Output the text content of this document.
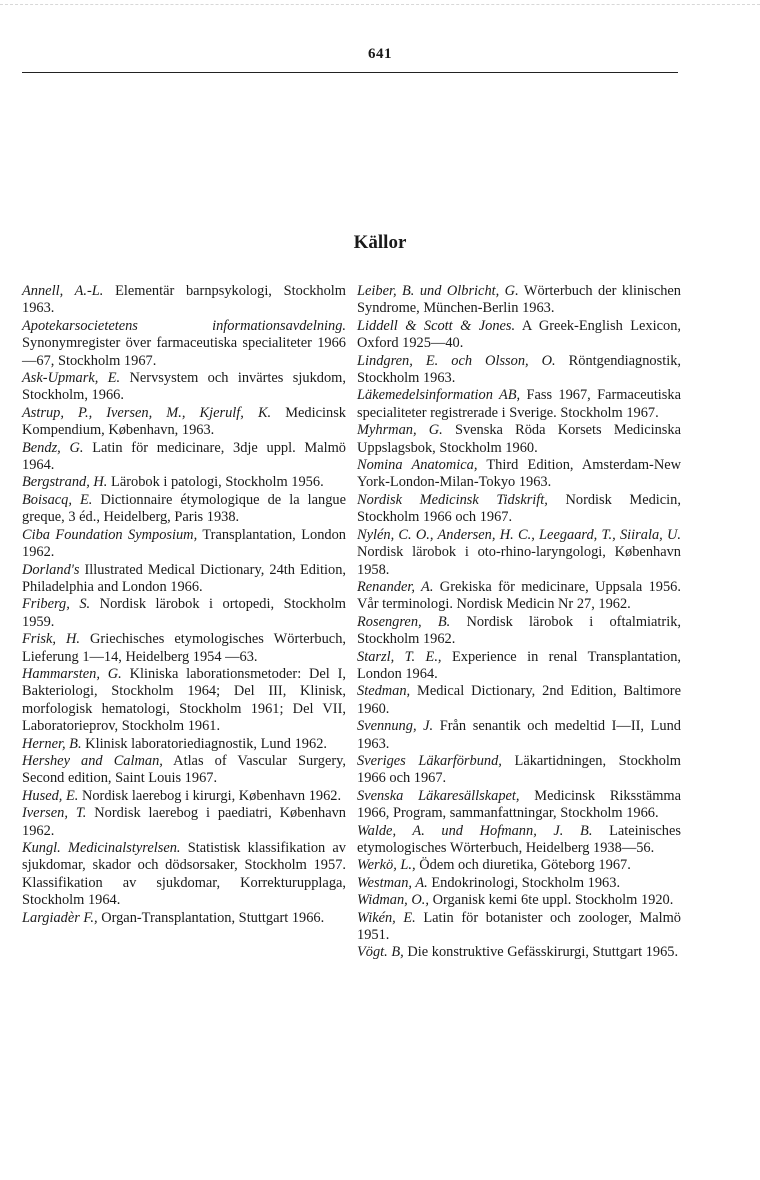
641
Källor
Annell, A.-L. Elementär barnpsykologi, Stockholm 1963.
Apotekarsocietetens informationsavdelning. Synonymregister över farmaceutiska specialiteter 1966—67, Stockholm 1967.
Ask-Upmark, E. Nervsystem och invärtes sjukdom, Stockholm, 1966.
Astrup, P., Iversen, M., Kjerulf, K. Medicinsk Kompendium, København, 1963.
Bendz, G. Latin för medicinare, 3dje uppl. Malmö 1964.
Bergstrand, H. Lärobok i patologi, Stockholm 1956.
Boisacq, E. Dictionnaire étymologique de la langue greque, 3 éd., Heidelberg, Paris 1938.
Ciba Foundation Symposium, Transplantation, London 1962.
Dorland's Illustrated Medical Dictionary, 24th Edition, Philadelphia and London 1966.
Friberg, S. Nordisk lärobok i ortopedi, Stockholm 1959.
Frisk, H. Griechisches etymologisches Wörterbuch, Lieferung 1—14, Heidelberg 1954 —63.
Hammarsten, G. Kliniska laborationsmetoder: Del I, Bakteriologi, Stockholm 1964; Del III, Klinisk, morfologisk hematologi, Stockholm 1961; Del VII, Laboratorieprov, Stockholm 1961.
Herner, B. Klinisk laboratoriediagnostik, Lund 1962.
Hershey and Calman, Atlas of Vascular Surgery, Second edition, Saint Louis 1967.
Hused, E. Nordisk laerebog i kirurgi, København 1962.
Iversen, T. Nordisk laerebog i paediatri, København 1962.
Kungl. Medicinalstyrelsen. Statistisk klassifikation av sjukdomar, skador och dödsorsaker, Stockholm 1957. Klassifikation av sjukdomar, Korrekturupplaga, Stockholm 1964.
Largiadèr F., Organ-Transplantation, Stuttgart 1966.
Leiber, B. und Olbricht, G. Wörterbuch der klinischen Syndrome, München-Berlin 1963.
Liddell & Scott & Jones. A Greek-English Lexicon, Oxford 1925—40.
Lindgren, E. och Olsson, O. Röntgendiagnostik, Stockholm 1963.
Läkemedelsinformation AB, Fass 1967, Farmaceutiska specialiteter registrerade i Sverige. Stockholm 1967.
Myhrman, G. Svenska Röda Korsets Medicinska Uppslagsbok, Stockholm 1960.
Nomina Anatomica, Third Edition, Amsterdam-New York-London-Milan-Tokyo 1963.
Nordisk Medicinsk Tidskrift, Nordisk Medicin, Stockholm 1966 och 1967.
Nylén, C. O., Andersen, H. C., Leegaard, T., Siirala, U. Nordisk lärobok i oto-rhino-laryngologi, København 1958.
Renander, A. Grekiska för medicinare, Uppsala 1956. Vår terminologi. Nordisk Medicin Nr 27, 1962.
Rosengren, B. Nordisk lärobok i oftalmiatrik, Stockholm 1962.
Starzl, T. E., Experience in renal Transplantation, London 1964.
Stedman, Medical Dictionary, 2nd Edition, Baltimore 1960.
Svennung, J. Från senantik och medeltid I—II, Lund 1963.
Sveriges Läkarförbund, Läkartidningen, Stockholm 1966 och 1967.
Svenska Läkaresällskapet, Medicinsk Riksstämma 1966, Program, sammanfattningar, Stockholm 1966.
Walde, A. und Hofmann, J. B. Lateinisches etymologisches Wörterbuch, Heidelberg 1938—56.
Werkö, L., Ödem och diuretika, Göteborg 1967.
Westman, A. Endokrinologi, Stockholm 1963.
Widman, O., Organisk kemi 6te uppl. Stockholm 1920.
Wikén, E. Latin för botanister och zoologer, Malmö 1951.
Vögt. B, Die konstruktive Gefässkirurgi, Stuttgart 1965.
